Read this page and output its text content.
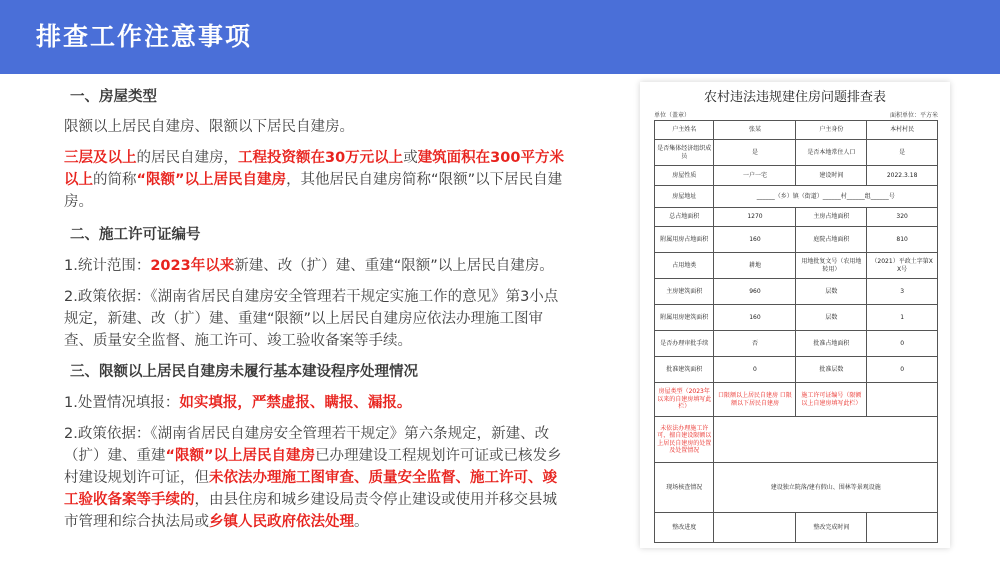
排查工作注意事项

一、房屋类型

限额以上居民自建房、限额以下居民自建房。

三层及以上的居民自建房，工程投资额在30万元以上或建筑面积在300平方米以上的简称“限额”以上居民自建房，其他居民自建房简称“限额”以下居民自建房。

二、施工许可证编号

1.统计范围：2023年以来新建、改（扩）建、重建“限额”以上居民自建房。

2.政策依据：《湖南省居民自建房安全管理若干规定实施工作的意见》第3小点规定，新建、改（扩）建、重建“限额”以上居民自建房应依法办理施工图审查、质量安全监督、施工许可、竣工验收备案等手续。

三、限额以上居民自建房未履行基本建设程序处理情况

1.处置情况填报：如实填报，严禁虚报、瞒报、漏报。

2.政策依据：《湖南省居民自建房安全管理若干规定》第六条规定，新建、改（扩）建、重建“限额”以上居民自建房已办理建设工程规划许可证或已核发乡村建设规划许可证，但未依法办理施工图审查、质量安全监督、施工许可、竣工验收备案等手续的，由县住房和城乡建设局责令停止建设或使用并移交县城市管理和综合执法局或乡镇人民政府依法处理。

农村违法违规建住房问题排查表
单位（盖章）	面积单位：平方米
户主姓名	张某	户主身份	本村村民
是否集体经济组织成员	是	是否本地常住人口	是
房屋性质	一户一宅	建设时间	2022.3.18
房屋地址	______（乡）镇（街道）______村______组______号		
总占地面积	1270	主房占地面积	320
附属用房占地面积	160	庭院占地面积	810
占用地类	耕地	用地批复文号（农用地转用）	（2021）平政土字第X X号
主房建筑面积	960	层数	3
附属用房建筑面积	160	层数	1
是否办理审批手续	否	批准占地面积	0
批准建筑面积	0	批准层数	0
房屋类型（2023年以来的自建房填写此栏）	口限额以上居民自建房 口限额以下居民自建房	施工许可证编号（限额以上自建房填写此栏）	
未依法办理施工许可，擅自建设限额以上居民自建房的处置及处置情况			
现场核查情况	建设独立院落/建有假山、围林等景观设施		
整改进度		整改完成时间	
